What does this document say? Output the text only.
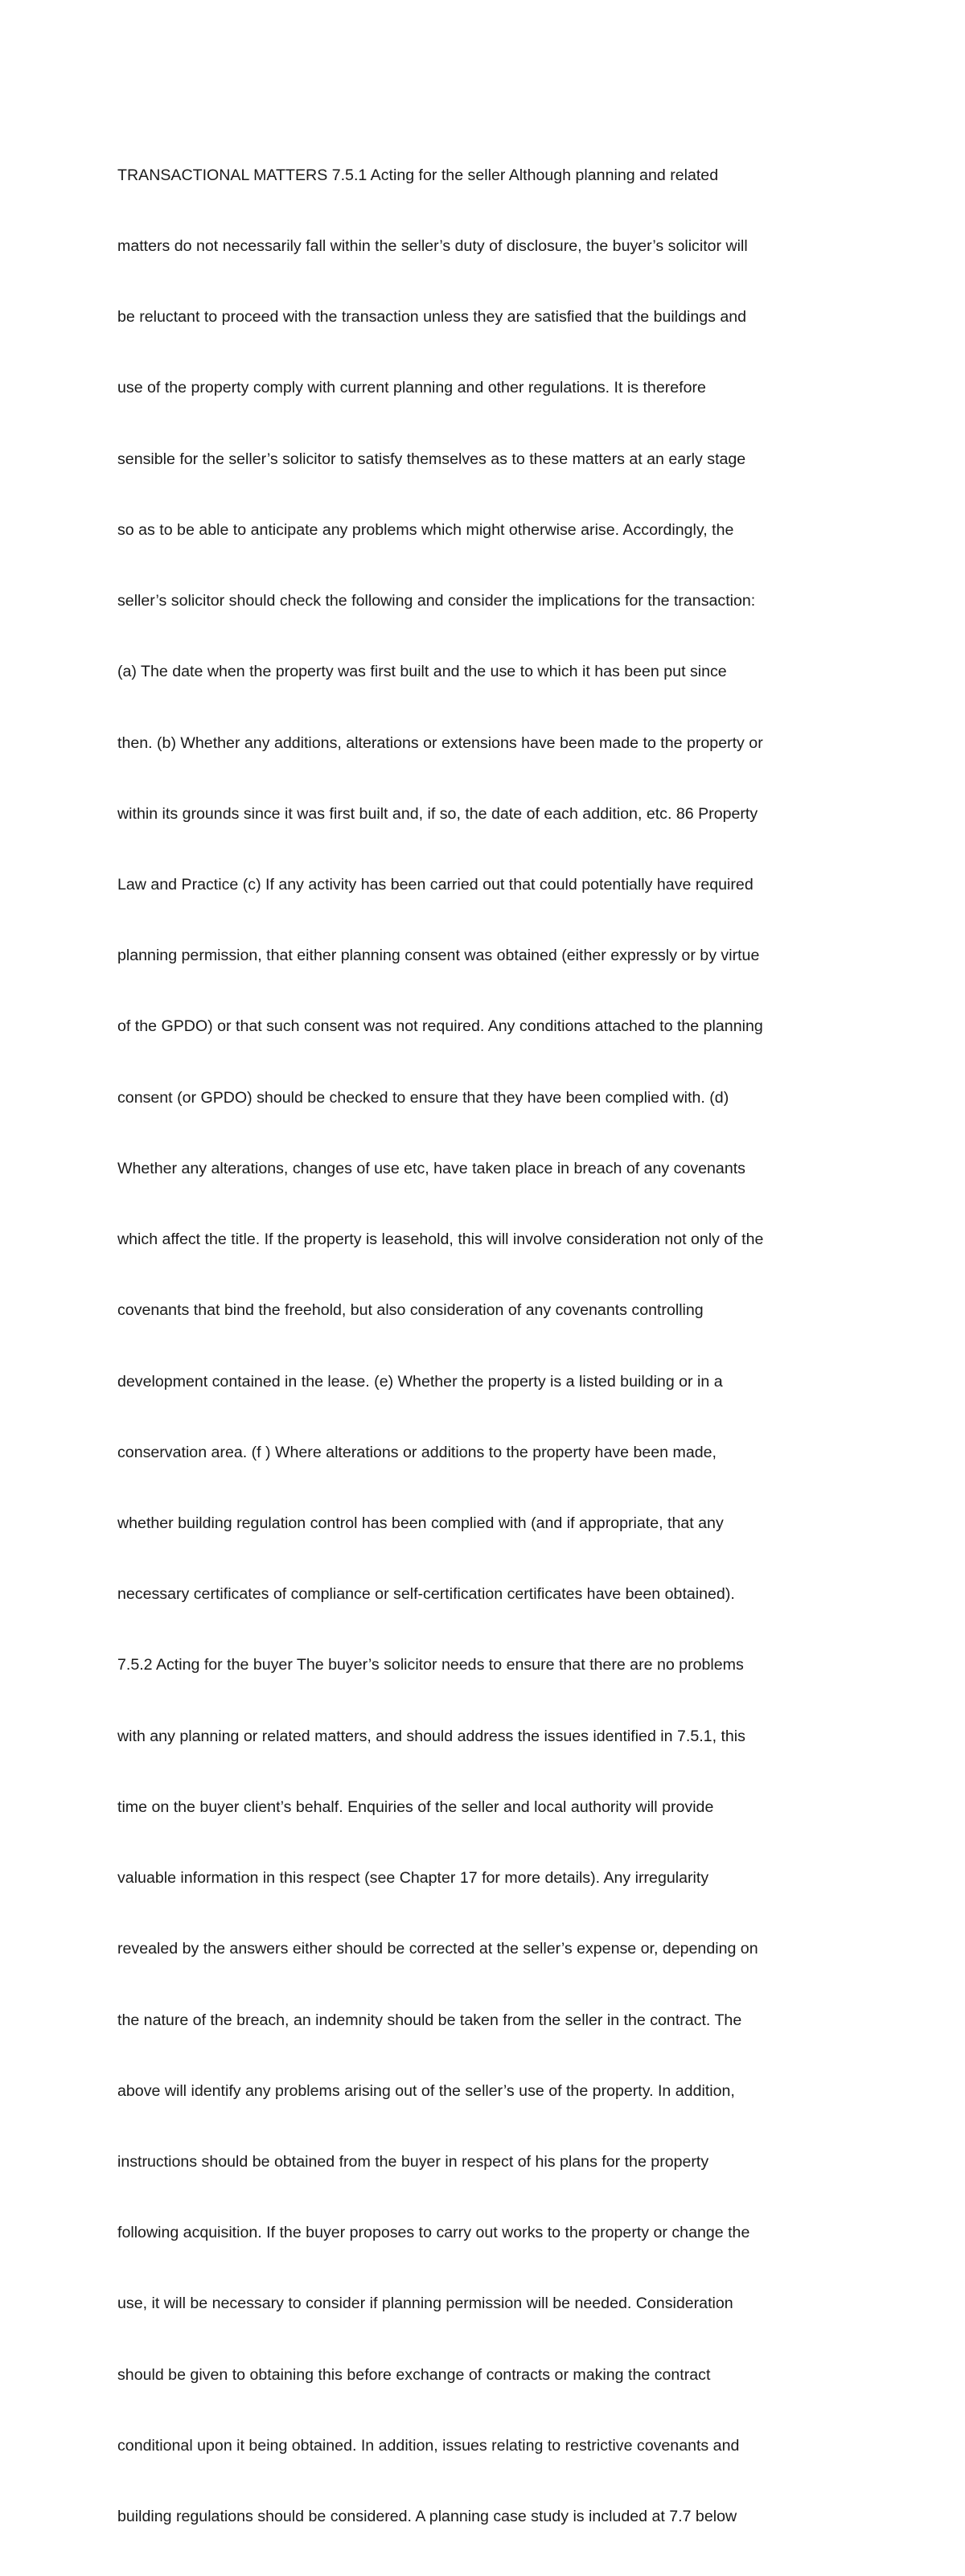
TRANSACTIONAL MATTERS 7.5.1 Acting for the seller Although planning and related

matters do not necessarily fall within the seller’s duty of disclosure, the buyer’s solicitor will

be reluctant to proceed with the transaction unless they are satisfied that the buildings and

use of the property comply with current planning and other regulations. It is therefore

sensible for the seller’s solicitor to satisfy themselves as to these matters at an early stage

so as to be able to anticipate any problems which might otherwise arise. Accordingly, the

seller’s solicitor should check the following and consider the implications for the transaction:

(a) The date when the property was first built and the use to which it has been put since

then. (b) Whether any additions, alterations or extensions have been made to the property or

within its grounds since it was first built and, if so, the date of each addition, etc. 86 Property

Law and Practice (c) If any activity has been carried out that could potentially have required

planning permission, that either planning consent was obtained (either expressly or by virtue

of the GPDO) or that such consent was not required. Any conditions attached to the planning

consent (or GPDO) should be checked to ensure that they have been complied with. (d)

Whether any alterations, changes of use etc, have taken place in breach of any covenants

which affect the title. If the property is leasehold, this will involve consideration not only of the

covenants that bind the freehold, but also consideration of any covenants controlling

development contained in the lease. (e) Whether the property is a listed building or in a

conservation area. (f ) Where alterations or additions to the property have been made,

whether building regulation control has been complied with (and if appropriate, that any

necessary certificates of compliance or self-certification certificates have been obtained).

7.5.2 Acting for the buyer The buyer’s solicitor needs to ensure that there are no problems

with any planning or related matters, and should address the issues identified in 7.5.1, this

time on the buyer client’s behalf. Enquiries of the seller and local authority will provide

valuable information in this respect (see Chapter 17 for more details). Any irregularity

revealed by the answers either should be corrected at the seller’s expense or, depending on

the nature of the breach, an indemnity should be taken from the seller in the contract. The

above will identify any problems arising out of the seller’s use of the property. In addition,

instructions should be obtained from the buyer in respect of his plans for the property

following acquisition. If the buyer proposes to carry out works to the property or change the

use, it will be necessary to consider if planning permission will be needed. Consideration

should be given to obtaining this before exchange of contracts or making the contract

conditional upon it being obtained. In addition, issues relating to restrictive covenants and

building regulations should be considered. A planning case study is included at 7.7 below
